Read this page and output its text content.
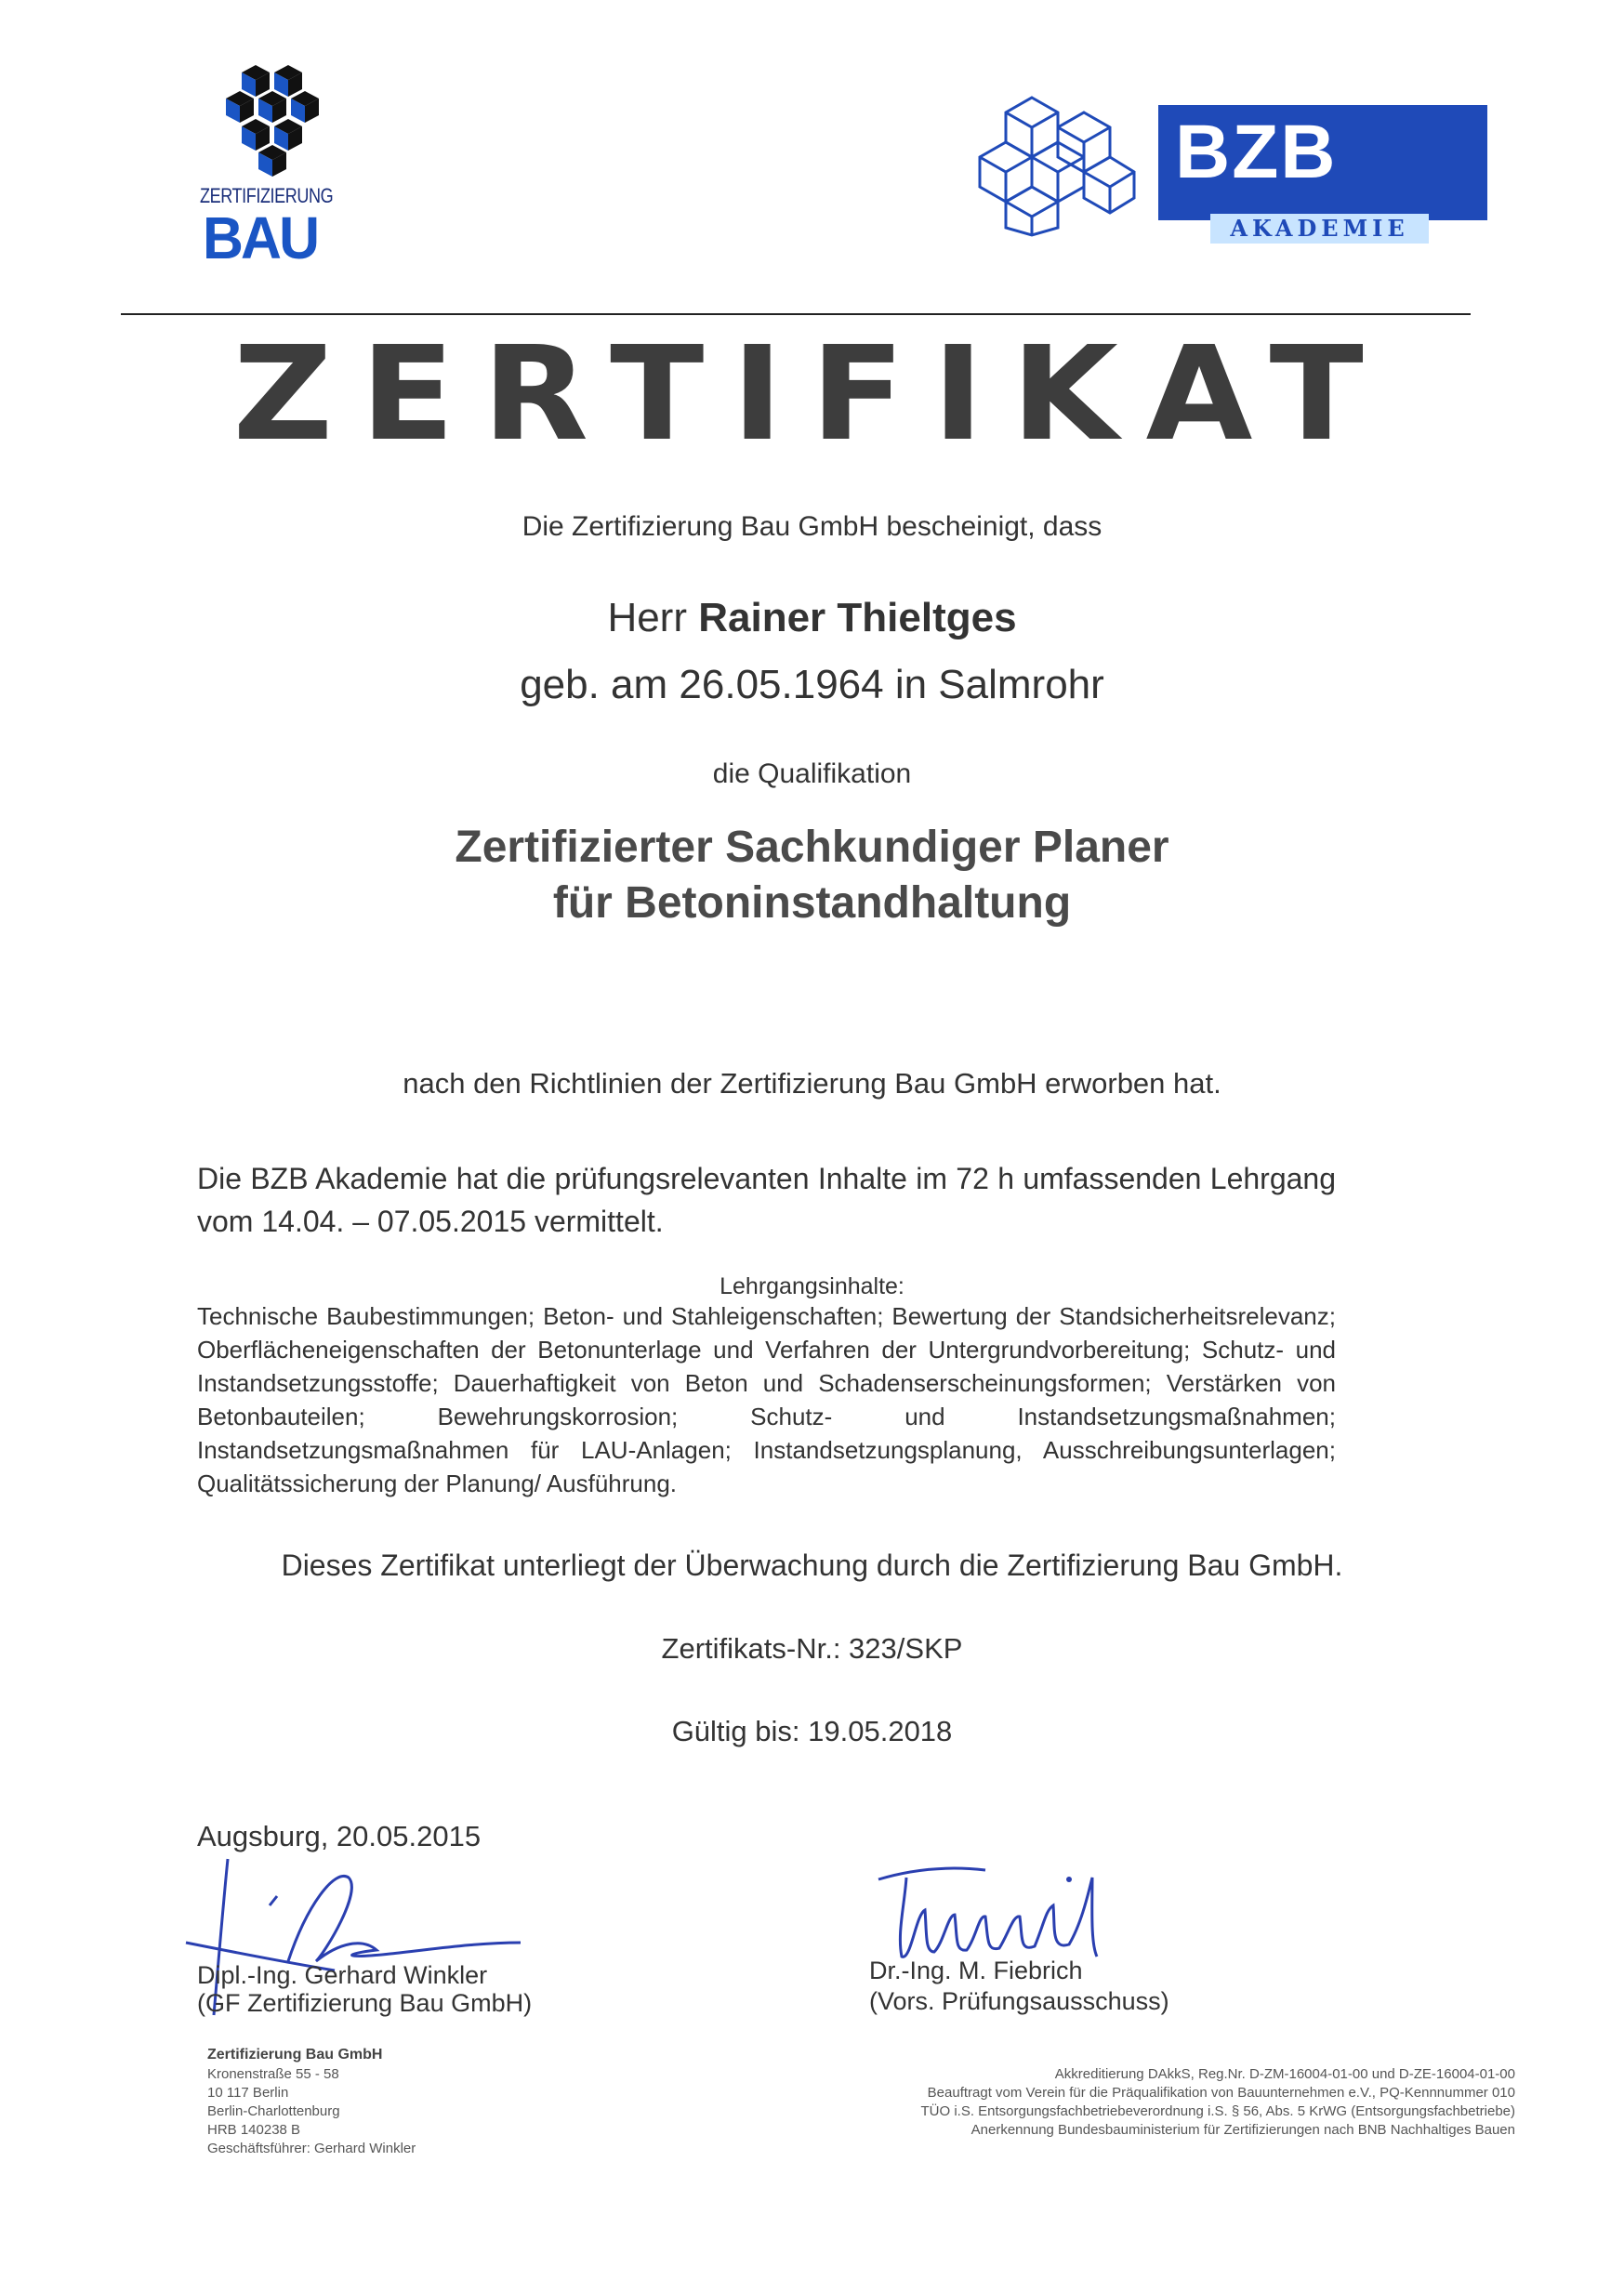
ZERTIFIZIERUNG
BAU
BZB
AKADEMIE
ZERTIFIKAT
Die Zertifizierung Bau GmbH bescheinigt, dass
Herr Rainer Thieltges
geb. am 26.05.1964 in Salmrohr
die Qualifikation
Zertifizierter Sachkundiger Planer
für Betoninstandhaltung
nach den Richtlinien der Zertifizierung Bau GmbH erworben hat.
Die BZB Akademie hat die prüfungsrelevanten Inhalte im 72 h umfassenden Lehrgang vom 14.04. – 07.05.2015 vermittelt.
Lehrgangsinhalte:
Technische Baubestimmungen; Beton- und Stahleigenschaften; Bewertung der Standsicherheitsrelevanz; Oberflächeneigenschaften der Betonunterlage und Verfahren der Untergrundvorbereitung; Schutz- und Instandsetzungsstoffe; Dauerhaftigkeit von Beton und Schadenserscheinungsformen; Verstärken von Betonbauteilen; Bewehrungskorrosion; Schutz- und Instandsetzungsmaßnahmen; Instandsetzungsmaßnahmen für LAU-Anlagen; Instandsetzungsplanung, Ausschreibungsunterlagen; Qualitätssicherung der Planung/ Ausführung.
Dieses Zertifikat unterliegt der Überwachung durch die Zertifizierung Bau GmbH.
Zertifikats-Nr.: 323/SKP
Gültig bis: 19.05.2018
Augsburg, 20.05.2015
Dipl.-Ing. Gerhard Winkler
(GF Zertifizierung Bau GmbH)
Dr.-Ing. M. Fiebrich
(Vors. Prüfungsausschuss)
Zertifizierung Bau GmbH
Kronenstraße 55 - 58
10 117 Berlin
Berlin-Charlottenburg
HRB 140238 B
Geschäftsführer: Gerhard Winkler
Akkreditierung DAkkS, Reg.Nr. D-ZM-16004-01-00 und D-ZE-16004-01-00
Beauftragt vom Verein für die Präqualifikation von Bauunternehmen e.V., PQ-Kennnummer 010
TÜO i.S. Entsorgungsfachbetriebeverordnung i.S. § 56, Abs. 5 KrWG (Entsorgungsfachbetriebe)
Anerkennung Bundesbauministerium für Zertifizierungen nach BNB Nachhaltiges Bauen
